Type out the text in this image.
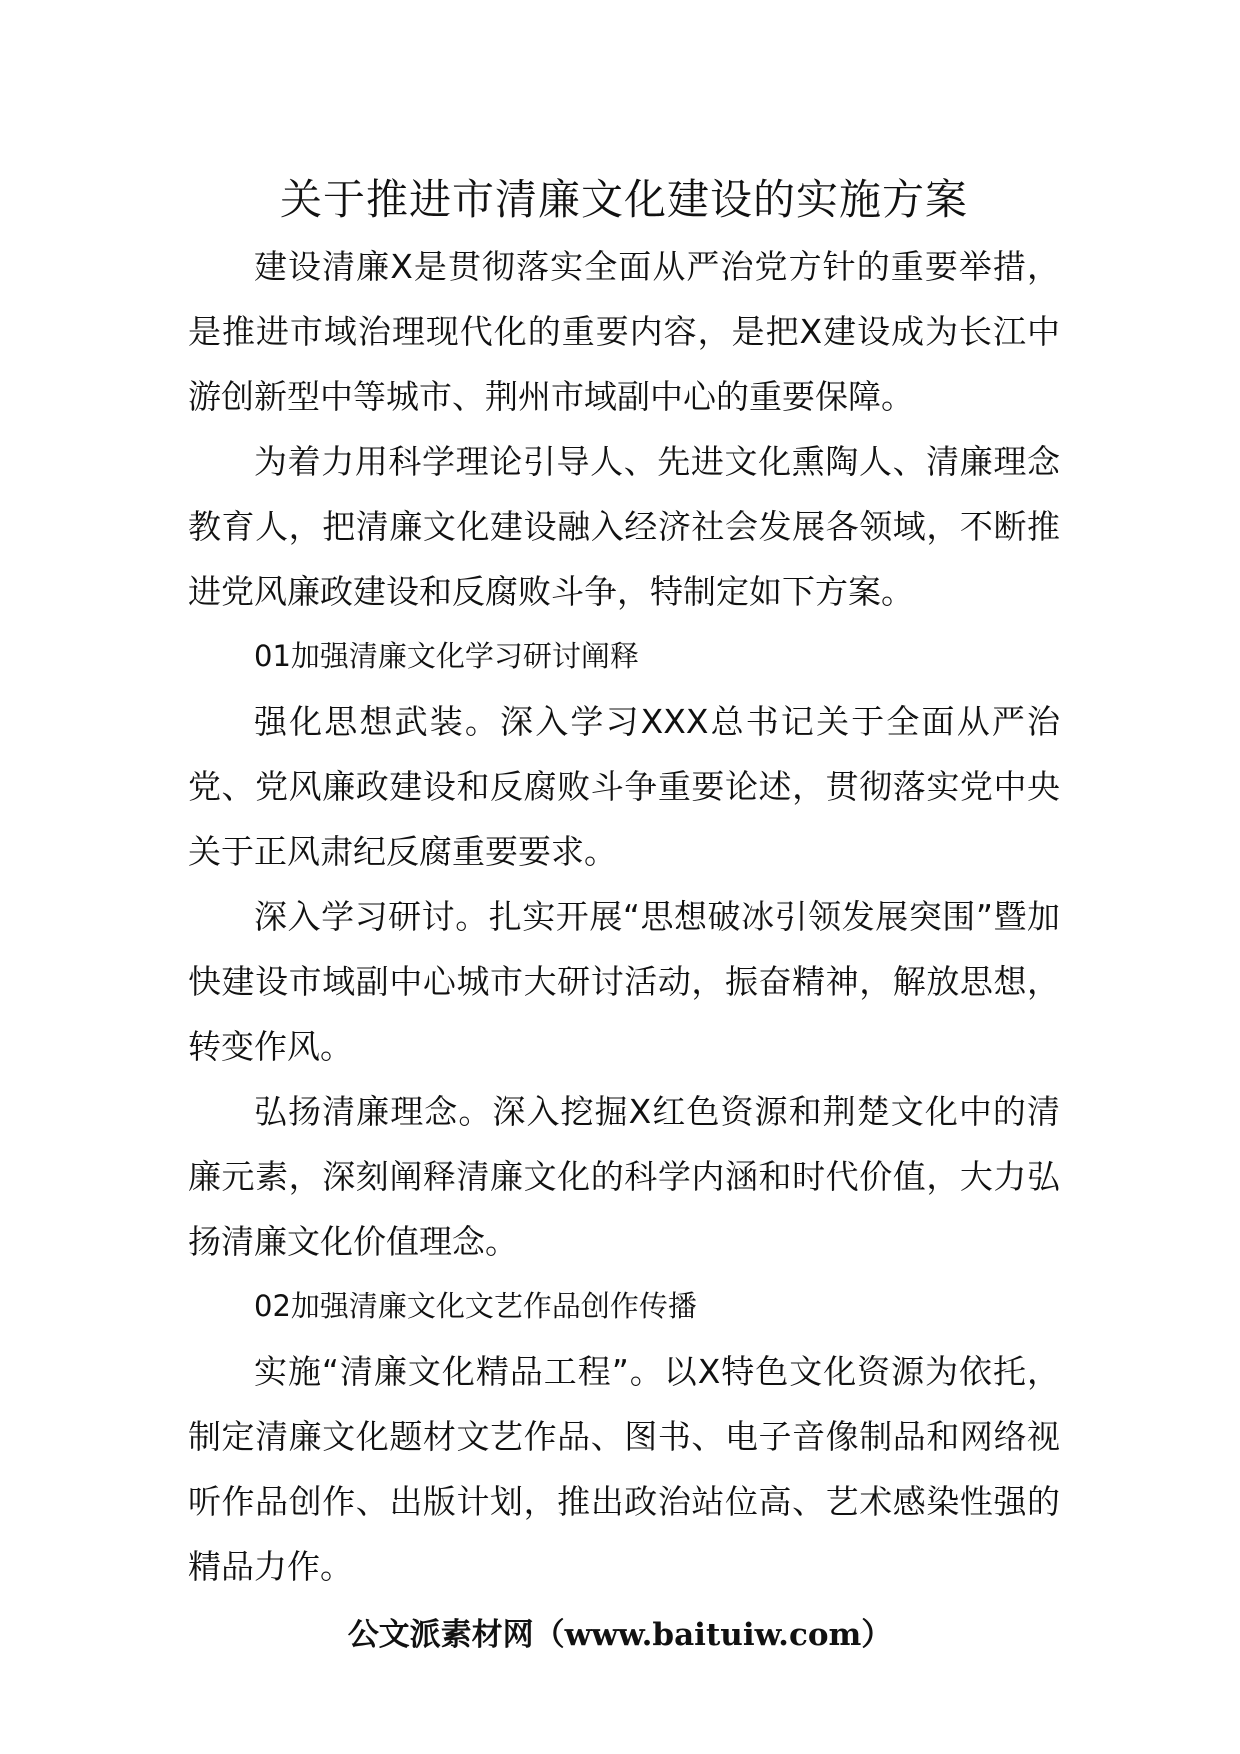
关于推进市清廉文化建设的实施方案

建设清廉X是贯彻落实全面从严治党方针的重要举措，是推进市域治理现代化的重要内容，是把X建设成为长江中游创新型中等城市、荆州市域副中心的重要保障。

为着力用科学理论引导人、先进文化熏陶人、清廉理念教育人，把清廉文化建设融入经济社会发展各领域，不断推进党风廉政建设和反腐败斗争，特制定如下方案。

01加强清廉文化学习研讨阐释

强化思想武装。深入学习XXX总书记关于全面从严治党、党风廉政建设和反腐败斗争重要论述，贯彻落实党中央关于正风肃纪反腐重要要求。

深入学习研讨。扎实开展“思想破冰引领发展突围”暨加快建设市域副中心城市大研讨活动，振奋精神，解放思想，转变作风。

弘扬清廉理念。深入挖掘X红色资源和荆楚文化中的清廉元素，深刻阐释清廉文化的科学内涵和时代价值，大力弘扬清廉文化价值理念。

02加强清廉文化文艺作品创作传播

实施“清廉文化精品工程”。以X特色文化资源为依托，制定清廉文化题材文艺作品、图书、电子音像制品和网络视听作品创作、出版计划，推出政治站位高、艺术感染性强的精品力作。

公文派素材网（www.baituiw.com）
